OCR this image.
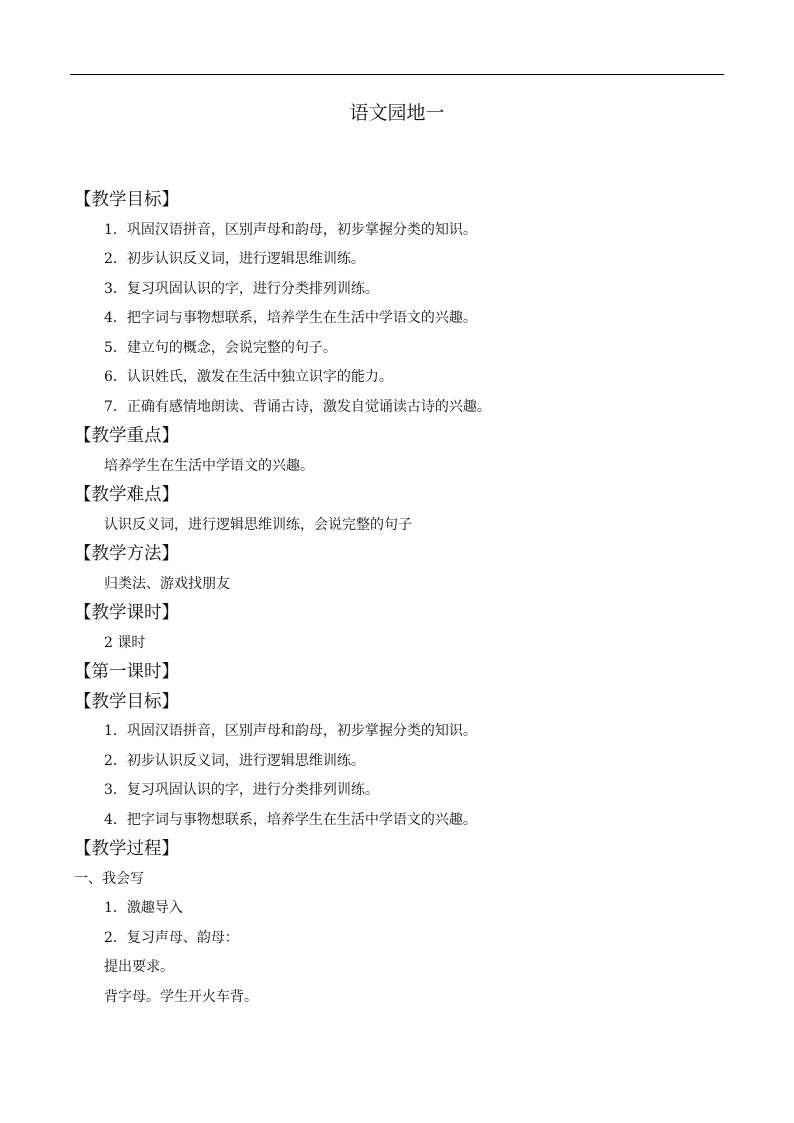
语文园地一
【教学目标】
1．巩固汉语拼音，区别声母和韵母，初步掌握分类的知识。
2．初步认识反义词，进行逻辑思维训练。
3．复习巩固认识的字，进行分类排列训练。
4．把字词与事物想联系，培养学生在生活中学语文的兴趣。
5．建立句的概念，会说完整的句子。
6．认识姓氏，激发在生活中独立识字的能力。
7．正确有感情地朗读、背诵古诗，激发自觉诵读古诗的兴趣。
【教学重点】
培养学生在生活中学语文的兴趣。
【教学难点】
认识反义词，进行逻辑思维训练，会说完整的句子
【教学方法】
归类法、游戏找朋友
【教学课时】
2 课时
【第一课时】
【教学目标】
1．巩固汉语拼音，区别声母和韵母，初步掌握分类的知识。
2．初步认识反义词，进行逻辑思维训练。
3．复习巩固认识的字，进行分类排列训练。
4．把字词与事物想联系，培养学生在生活中学语文的兴趣。
【教学过程】
一、我会写
1．激趣导入
2．复习声母、韵母：
提出要求。
背字母。学生开火车背。
